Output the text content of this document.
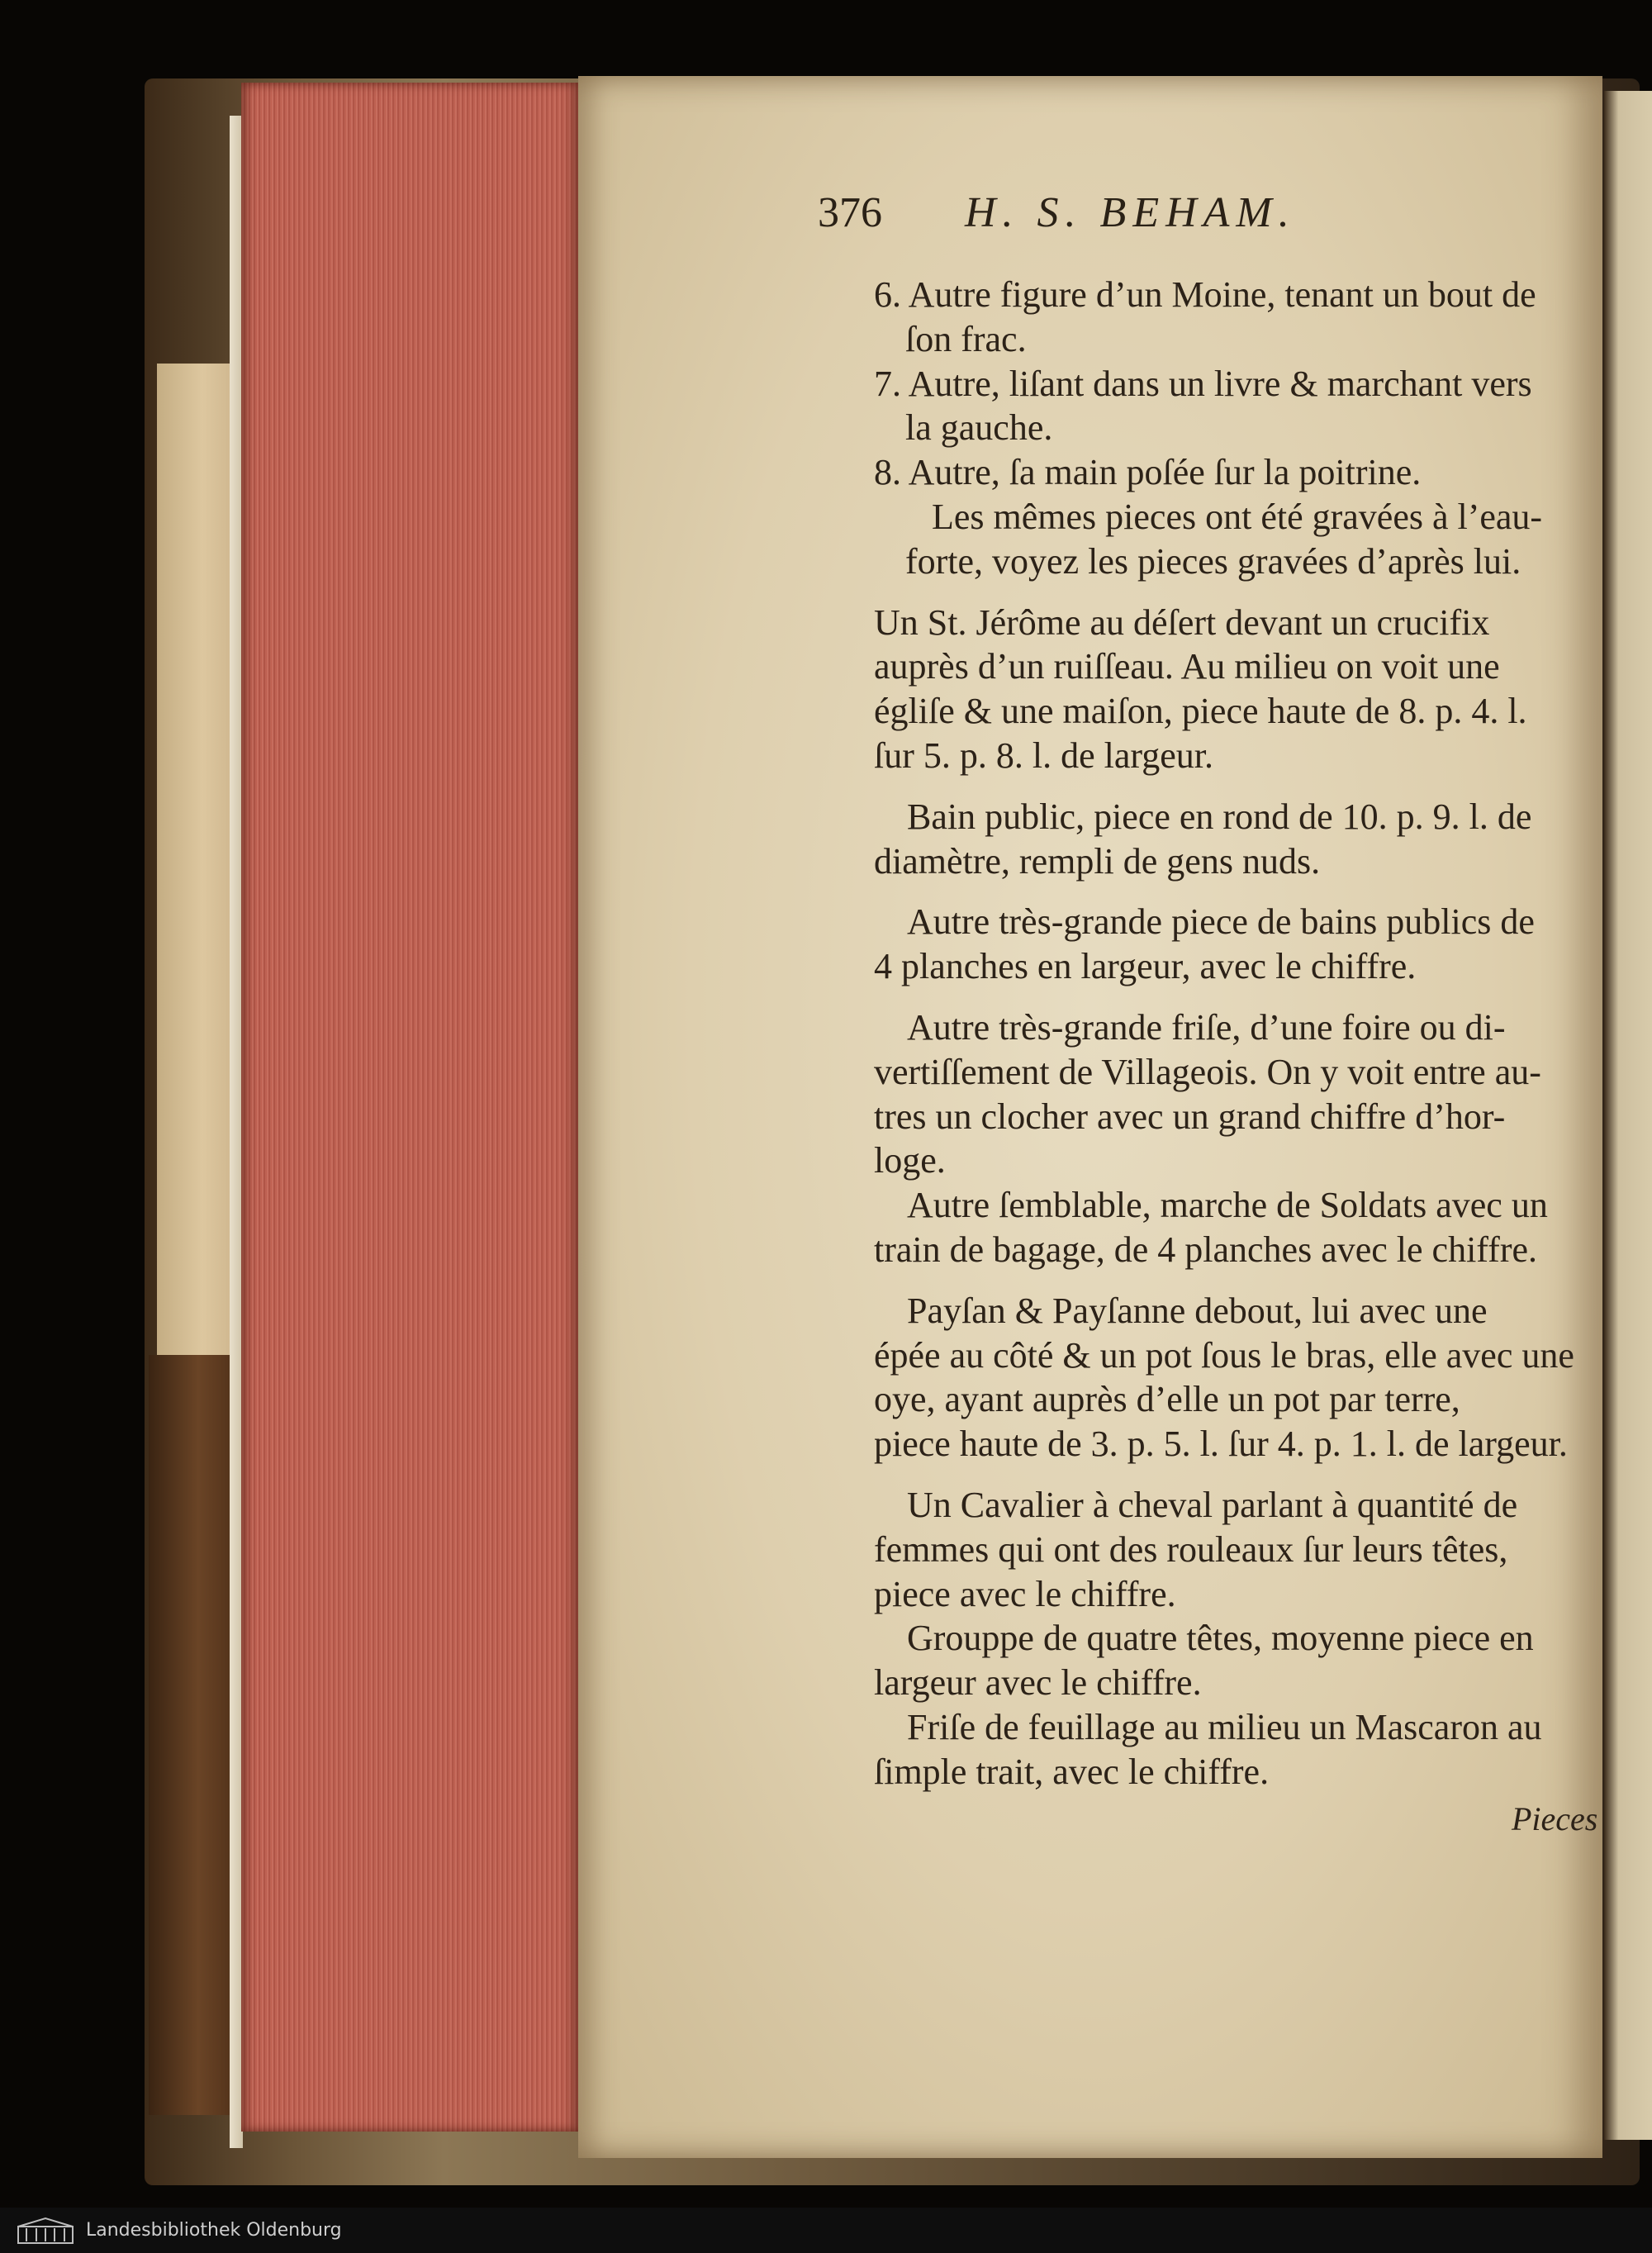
376 H. S. BEHAM.
6. Autre figure d’un Moine, tenant un bout de
ſon frac.
7. Autre, liſant dans un livre & marchant vers
la gauche.
8. Autre, ſa main poſée ſur la poitrine.
Les mêmes pieces ont été gravées à l’eau-
forte, voyez les pieces gravées d’après lui.
Un St. Jérôme au déſert devant un crucifix
auprès d’un ruiſſeau. Au milieu on voit une
égliſe & une maiſon, piece haute de 8. p. 4. l.
ſur 5. p. 8. l. de largeur.
Bain public, piece en rond de 10. p. 9. l. de
diamètre, rempli de gens nuds.
Autre très-grande piece de bains publics de
4 planches en largeur, avec le chiffre.
Autre très-grande friſe, d’une foire ou di-
vertiſſement de Villageois. On y voit entre au-
tres un clocher avec un grand chiffre d’hor-
loge.
Autre ſemblable, marche de Soldats avec un
train de bagage, de 4 planches avec le chiffre.
Payſan & Payſanne debout, lui avec une
épée au côté & un pot ſous le bras, elle avec une
oye, ayant auprès d’elle un pot par terre,
piece haute de 3. p. 5. l. ſur 4. p. 1. l. de largeur.
Un Cavalier à cheval parlant à quantité de
femmes qui ont des rouleaux ſur leurs têtes,
piece avec le chiffre.
Grouppe de quatre têtes, moyenne piece en
largeur avec le chiffre.
Friſe de feuillage au milieu un Mascaron au
ſimple trait, avec le chiffre.
Pieces
Landesbibliothek Oldenburg
